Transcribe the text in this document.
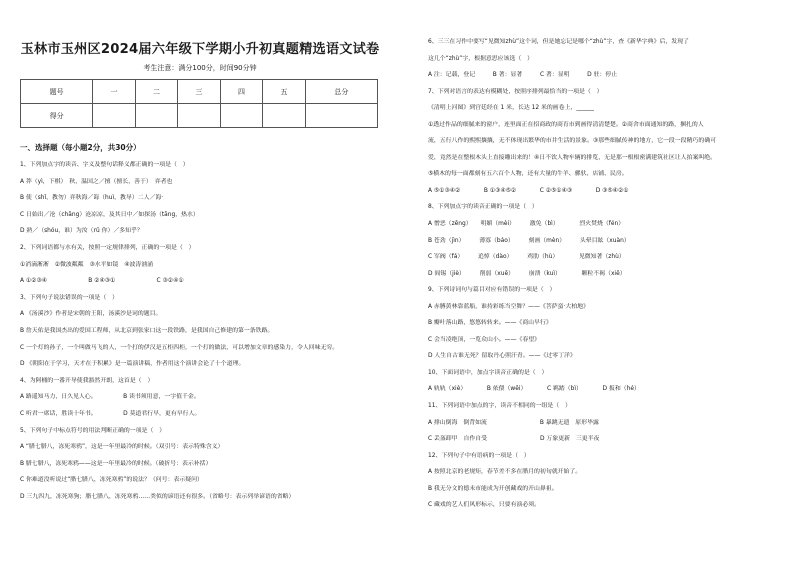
玉林市玉州区2024届六年级下学期小升初真题精选语文试卷
考生注意：满分100分，时间90分钟
题号	一	二	三	四	五	总分
得分						
一、选择题（每小题2分，共30分）
1、下列加点字的读音、字义及整句话释义都正确的一项是（　）
A 莽（yì，下棋）　秋，温国之／擅（擅长，善于）　弈者也
B 使（shǐ，教勿）弈秋海／诲（huì，教导）二人／海·
C 日始出／沧（chāng）沧凉凉，及其日中／如探汤（tāng，热水）
D 熟／（shóu，谁）为汝（rǔ 你）／多知乎？
2、下列词语都与水有关，按照一定规律排列，正确的一项是（　）
①消滴淅淅　②微波粼粼　③水平如镜　④波涛汹涌
A ①②③④　　　　　　　B ②④③①　　　　　　　C ③②④①
3、下列句子说法错误的一项是（　）
A 《汤溪沙》作者是宋朝的王阳，汤溪沙是词的题目。
B 詹天佑是我国杰出的爱国工程师，从北京到张家口这一段铁路，是我国自己修建的第一条铁路。
C 一个灯的孙子，一个叫做马飞的人，一个打的伊汉是五柜四柜，一个打的做法，可以增加文章的感染力，令人回味无穷。
D 《朝阳在于学习，天才在于积累》是一篇演讲稿，作者用这个演讲会论了十个道理。
4、为阿桶的一番开导使我豁然开朗，这首是（　）
A 路遥知马力，日久见人心。　　　　　B 读书须用意，一字值千金。
C 听君一席话，胜读十年书。　　　　　D 莫道君行早，更有早行人。
5、下列句子中标点符号的用法判断正确的一项是（　）
A “腊七腊八，冻死寒鸦”，这是一年里最冷的时候。（双引号：表示特殊含义）
B 腊七腊八，冻死寒鸦——这是一年里最冷的时候。（破折号：表示补括）
C 你难道没听说过“腊七腊八，冻死寒鸦”的说法？（问号：表示疑问）
D 三九四九，冻死寒狗；腊七腊八，冻死寒鸦……类似的谚语还有很多。（省略号：表示列举谚语的省略）
6、三三在习作中要写“见微知zhù”这个词，但是她忘记是哪个“zhù”字，查《新华字典》后，发现了
这几个“zhù”字，根据意思应该选（　）
A 注：记载，登记　　　B 著：显著　　　C 著：显明　　　D 驻：停止
7、下列对语言的表达有模糊处，按照序排列最恰当的一项是（　）
《清明上河图》到宫廷经在 1 米，长达 12 米的画卷上，______
①透过作品的细腻来的窗户，连里面正在招商政的商育市到画得清清楚楚。②商舍市面通知的路，捆扎的人
流，五行八作的熙熙攘攘，无不体现出繁华的市井生活的景象。③那些细腻传神的地方，它一段一段精巧的确可
爱，竟然是在整根木头上直接雕出来的！④日不饮人物车辆的排览，无是那一根根密满建筑社区让人拍案叫绝。
⑤横木的每一面都刻有五六百个人物，还有大量的牛羊、骡驮、店铺、民房。
A ⑤①③④②　　　　B ①③④⑤②　　　　C ②⑤①④③　　　　D ③⑤④②①
8、下列加点字的读音正确的一项是（　）
A 憎恶（zēng）　　明媚（mèi）　　　激免（bì）　　　　烈火焚烧（fén）
B 苍劲（jìn）　　　薄寡（báo）　　　刻画（mèn）　　　头晕目眩（xuàn）
C 军阀（fá）　　　追悼（dào）　　　鸡肋（hù）　　　　见微知著（zhù）
D 阎锡（jiè）　　　削弱（xuē）　　　崩溃（kuì）　　　　颗粒不褐（xiē）
9、下列诗词句与篇目对应有错误的一项是（　）
A 赤膊黄林靠蓝船，谁持彩练当空舞？——《菩萨蛮·大柏地》
B 瓣叶落山路，悠悠转转来。——《商山早行》
C 会当凌绝顶，一览众山小。——《春望》
D 人生自古谁无死？留取丹心照汗青。——《过零丁洋》
10、下面词语中，加点字读音正确的是（　）
A 轨轨（xiè）　　　　B 依偎（wēi）　　　　C 羁踏（bì）　　　　D 扳和（hé）
11、下列词语中加点的字，读音不相同的一组是（　）
A 排山倒海　倒背如流　　　　　　　　　B 暴跳无遗　原形毕露
C 丢盔卸甲　自作自受　　　　　　　　　D 万象更新　三更半夜
12、下列句子中有语病的一项是（　）
A 按照北京的老规矩，春节差不多在腊月的初旬就开始了。
B 我无分文的德未市能成为开创藏戏的开山鼻祖。
C 藏戏的艺人们风形标示，只要有演必须。
